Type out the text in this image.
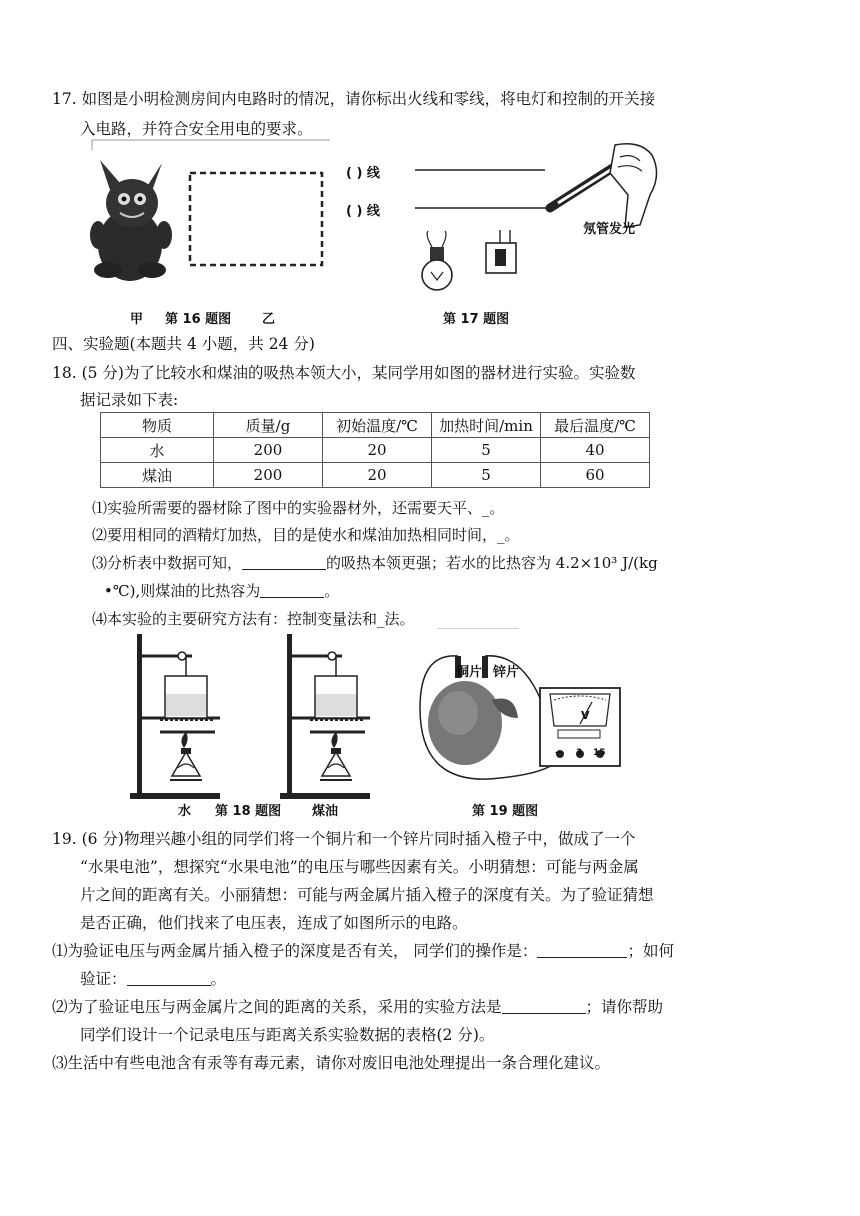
17. 如图是小明检测房间内电路时的情况，请你标出火线和零线，将电灯和控制的开关接
入电路，并符合安全用电的要求。
( ) 线
( ) 线
氖管发光
甲 第 16 题图 乙	第 17 题图
四、实验题(本题共 4 小题，共 24 分)
18. (5 分)为了比较水和煤油的吸热本领大小，某同学用如图的器材进行实验。实验数
据记录如下表:
物质	质量/g	初始温度/℃	加热时间/min	最后温度/℃
水	200	20	5	40
煤油	200	20	5	60
⑴实验所需要的器材除了图中的实验器材外，还需要天平、_。
⑵要用相同的酒精灯加热，目的是使水和煤油加热相同时间，_。
⑶分析表中数据可知，	的吸热本领更强；若水的比热容为 4.2×10³ J/(kg
•℃),则煤油的比热容为	。
⑷本实验的主要研究方法有：控制变量法和_法。
铜片 锌片
V
— 3 15
水 第 18 题图 煤油	第 19 题图
19. (6 分)物理兴趣小组的同学们将一个铜片和一个锌片同时插入橙子中，做成了一个
“水果电池”，想探究“水果电池”的电压与哪些因素有关。小明猜想：可能与两金属
片之间的距离有关。小丽猜想：可能与两金属片插入橙子的深度有关。为了验证猜想
是否正确，他们找来了电压表，连成了如图所示的电路。
⑴为验证电压与两金属片插入橙子的深度是否有关， 同学们的操作是：	；如何
验证：	。
⑵为了验证电压与两金属片之间的距离的关系，采用的实验方法是	；请你帮助
同学们设计一个记录电压与距离关系实验数据的表格(2 分)。
⑶生活中有些电池含有汞等有毒元素，请你对废旧电池处理提出一条合理化建议。
